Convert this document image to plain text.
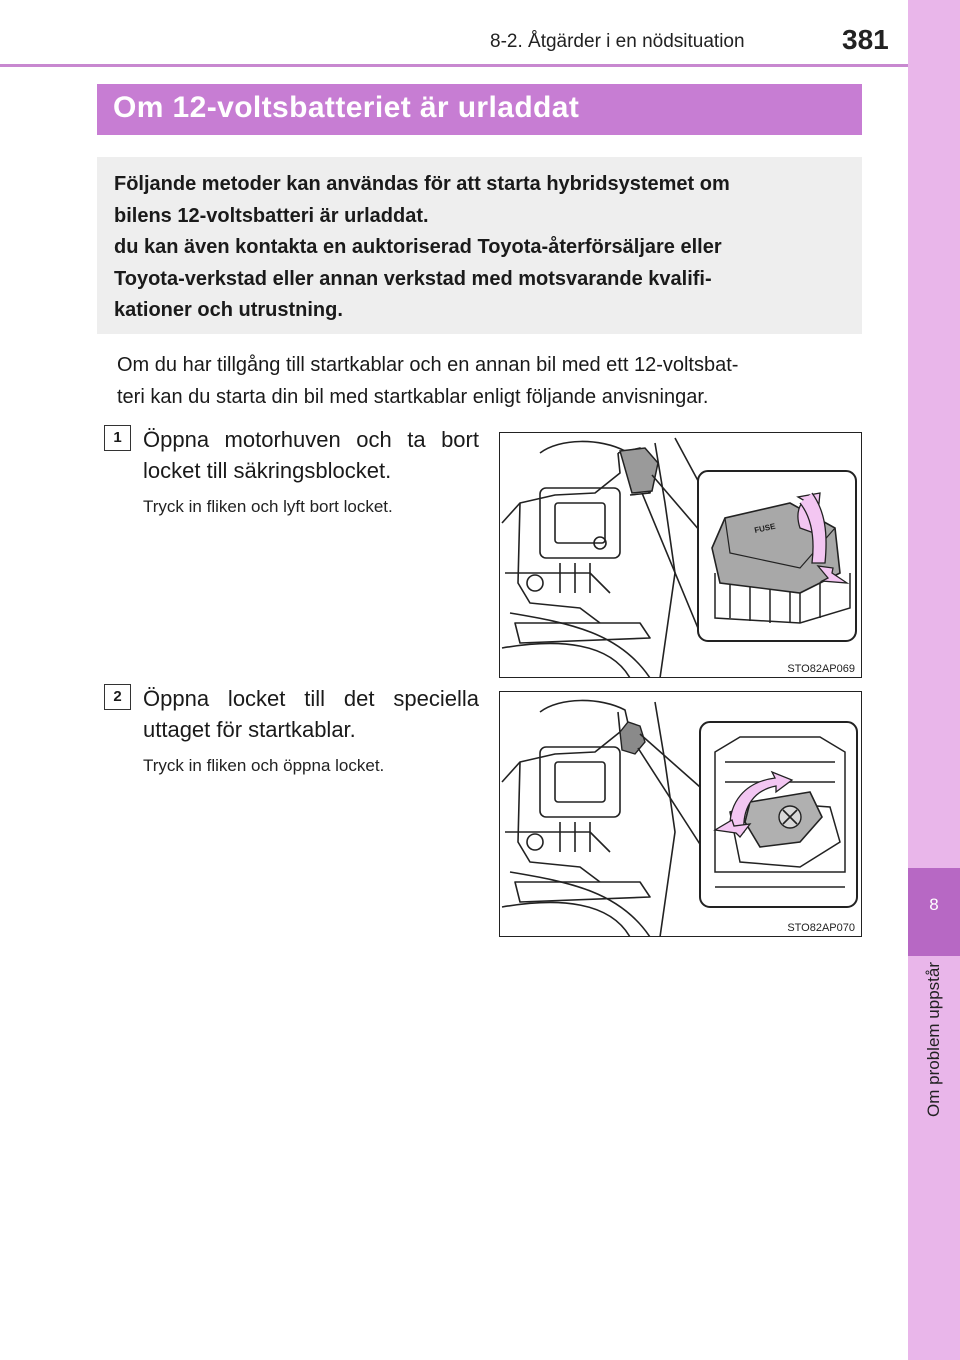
8
Om problem uppstår
8-2. Åtgärder i en nödsituation	381
Om 12-voltsbatteriet är urladdat

Följande metoder kan användas för att starta hybridsystemet om

bilens 12-voltsbatteri är urladdat.

du kan även kontakta en auktoriserad Toyota-återförsäljare eller

Toyota-verkstad eller annan verkstad med motsvarande kvalifi-

kationer och utrustning.

Om du har tillgång till startkablar och en annan bil med ett 12-voltsbat-
teri kan du starta din bil med startkablar enligt följande anvisningar.
1 Öppna motorhuven och ta bort locket till säkringsblocket.
Tryck in fliken och lyft bort locket.
FUSE
STO82AP069
2 Öppna locket till det speciella uttaget för startkablar.
Tryck in fliken och öppna locket.
STO82AP070
